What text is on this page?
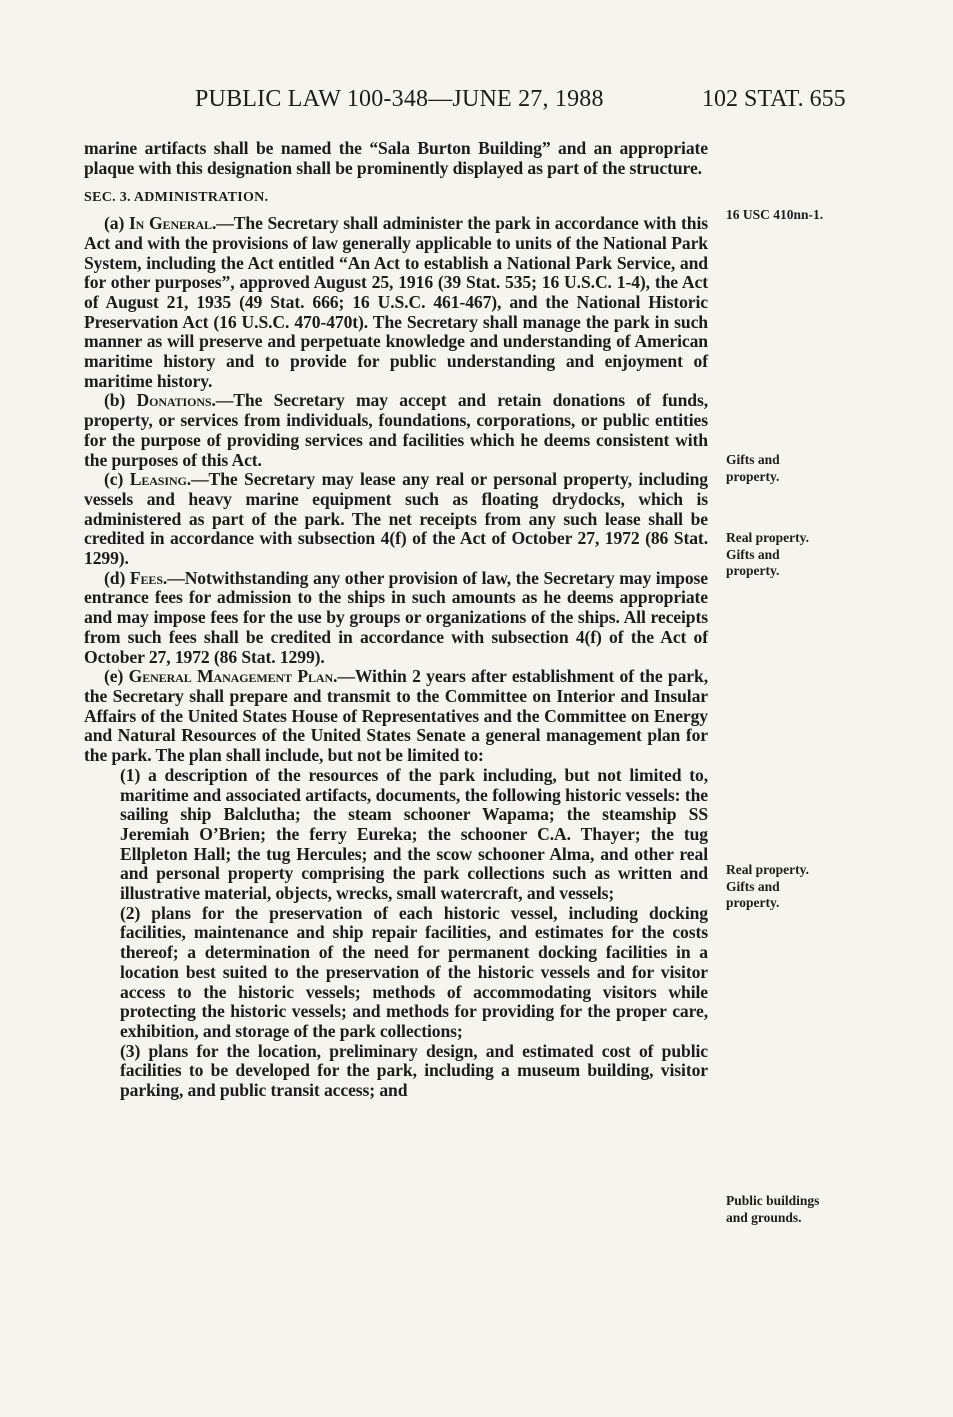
PUBLIC LAW 100-348—JUNE 27, 1988	102 STAT. 655

marine artifacts shall be named the “Sala Burton Building” and an appropriate plaque with this designation shall be prominently displayed as part of the structure.

SEC. 3. ADMINISTRATION.

(a) In General.—The Secretary shall administer the park in accordance with this Act and with the provisions of law generally applicable to units of the National Park System, including the Act entitled “An Act to establish a National Park Service, and for other purposes”, approved August 25, 1916 (39 Stat. 535; 16 U.S.C. 1-4), the Act of August 21, 1935 (49 Stat. 666; 16 U.S.C. 461-467), and the National Historic Preservation Act (16 U.S.C. 470-470t). The Secretary shall manage the park in such manner as will preserve and perpetuate knowledge and understanding of American maritime history and to provide for public understanding and enjoyment of maritime history.

(b) Donations.—The Secretary may accept and retain donations of funds, property, or services from individuals, foundations, corporations, or public entities for the purpose of providing services and facilities which he deems consistent with the purposes of this Act.

(c) Leasing.—The Secretary may lease any real or personal property, including vessels and heavy marine equipment such as floating drydocks, which is administered as part of the park. The net receipts from any such lease shall be credited in accordance with subsection 4(f) of the Act of October 27, 1972 (86 Stat. 1299).

(d) Fees.—Notwithstanding any other provision of law, the Secretary may impose entrance fees for admission to the ships in such amounts as he deems appropriate and may impose fees for the use by groups or organizations of the ships. All receipts from such fees shall be credited in accordance with subsection 4(f) of the Act of October 27, 1972 (86 Stat. 1299).

(e) General Management Plan.—Within 2 years after establishment of the park, the Secretary shall prepare and transmit to the Committee on Interior and Insular Affairs of the United States House of Representatives and the Committee on Energy and Natural Resources of the United States Senate a general management plan for the park. The plan shall include, but not be limited to:

(1) a description of the resources of the park including, but not limited to, maritime and associated artifacts, documents, the following historic vessels: the sailing ship Balclutha; the steam schooner Wapama; the steamship SS Jeremiah O’Brien; the ferry Eureka; the schooner C.A. Thayer; the tug Ellpleton Hall; the tug Hercules; and the scow schooner Alma, and other real and personal property comprising the park collections such as written and illustrative material, objects, wrecks, small watercraft, and vessels;

(2) plans for the preservation of each historic vessel, including docking facilities, maintenance and ship repair facilities, and estimates for the costs thereof; a determination of the need for permanent docking facilities in a location best suited to the preservation of the historic vessels and for visitor access to the historic vessels; methods of accommodating visitors while protecting the historic vessels; and methods for providing for the proper care, exhibition, and storage of the park collections;

(3) plans for the location, preliminary design, and estimated cost of public facilities to be developed for the park, including a museum building, visitor parking, and public transit access; and

16 USC 410nn-1.
Gifts and
property.
Real property.
Gifts and
property.
Real property.
Gifts and
property.
Public buildings
and grounds.
